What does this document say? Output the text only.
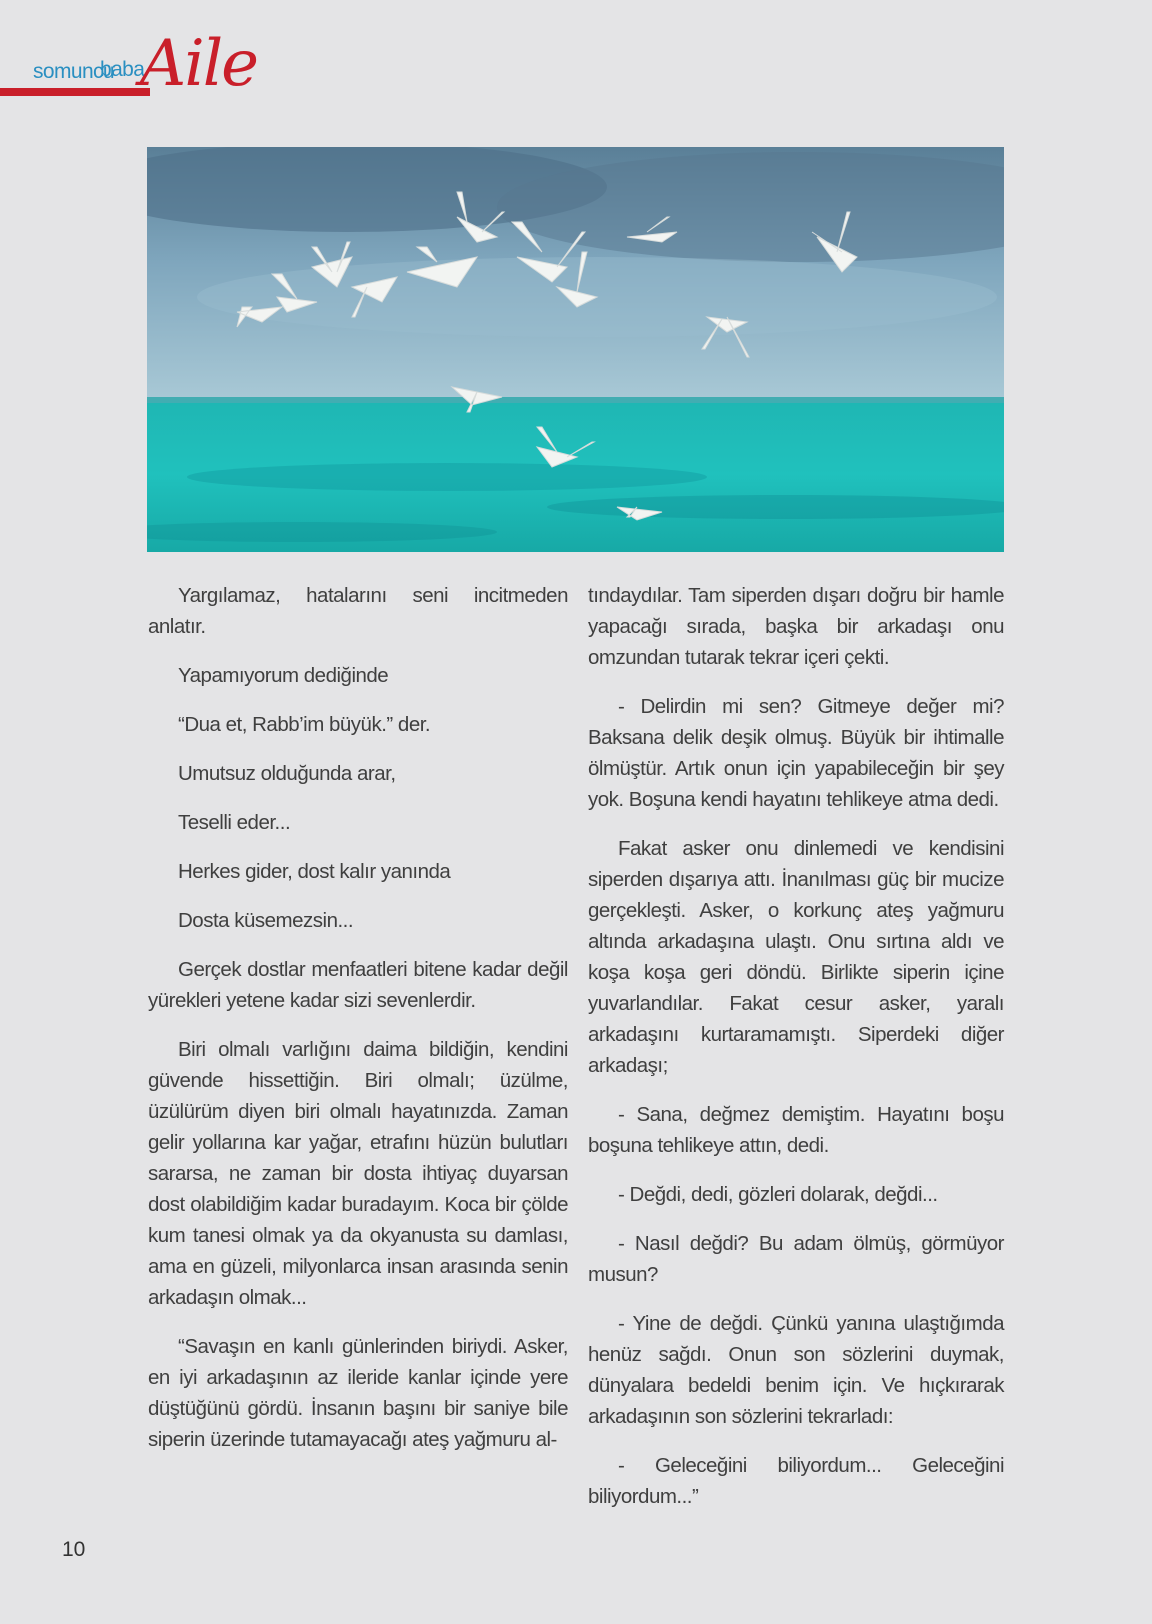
somuncu
baba
Aile

Yargılamaz, hatalarını seni incitmeden anlatır.

Yapamıyorum dediğinde

“Dua et, Rabb’im büyük.” der.

Umutsuz olduğunda arar,

Teselli eder...

Herkes gider, dost kalır yanında

Dosta küsemezsin...

Gerçek dostlar menfaatleri bitene kadar değil yürekleri yetene kadar sizi sevenlerdir.

Biri olmalı varlığını daima bildiğin, kendini güvende hissettiğin. Biri olmalı; üzülme, üzülürüm diyen biri olmalı hayatınızda. Zaman gelir yollarına kar yağar, etrafını hüzün bulutları sararsa, ne zaman bir dosta ihtiyaç duyarsan dost olabildiğim kadar buradayım. Koca bir çölde kum tanesi olmak ya da okyanusta su damlası, ama en güzeli, milyonlarca insan arasında senin arkadaşın olmak...

“Savaşın en kanlı günlerinden biriydi. Asker, en iyi arkadaşının az ileride kanlar içinde yere düştüğünü gördü. İnsanın başını bir saniye bile siperin üzerinde tutamayacağı ateş yağmuru al-

tındaydılar. Tam siperden dışarı doğru bir hamle yapacağı sırada, başka bir arkadaşı onu omzundan tutarak tekrar içeri çekti.

- Delirdin mi sen? Gitmeye değer mi? Baksana delik deşik olmuş. Büyük bir ihtimalle ölmüştür. Artık onun için yapabileceğin bir şey yok. Boşuna kendi hayatını tehlikeye atma dedi.

Fakat asker onu dinlemedi ve kendisini siperden dışarıya attı. İnanılması güç bir mucize gerçekleşti. Asker, o korkunç ateş yağmuru altında arkadaşına ulaştı. Onu sırtına aldı ve koşa koşa geri döndü. Birlikte siperin içine yuvarlandılar. Fakat cesur asker, yaralı arkadaşını kurtaramamıştı. Siperdeki diğer arkadaşı;

- Sana, değmez demiştim. Hayatını boşu boşuna tehlikeye attın, dedi.

- Değdi, dedi, gözleri dolarak, değdi...

- Nasıl değdi? Bu adam ölmüş, görmüyor musun?

- Yine de değdi. Çünkü yanına ulaştığımda henüz sağdı. Onun son sözlerini duymak, dünyalara bedeldi benim için. Ve hıçkırarak arkadaşının son sözlerini tekrarladı:

- Geleceğini biliyordum... Geleceğini biliyordum...”

10
